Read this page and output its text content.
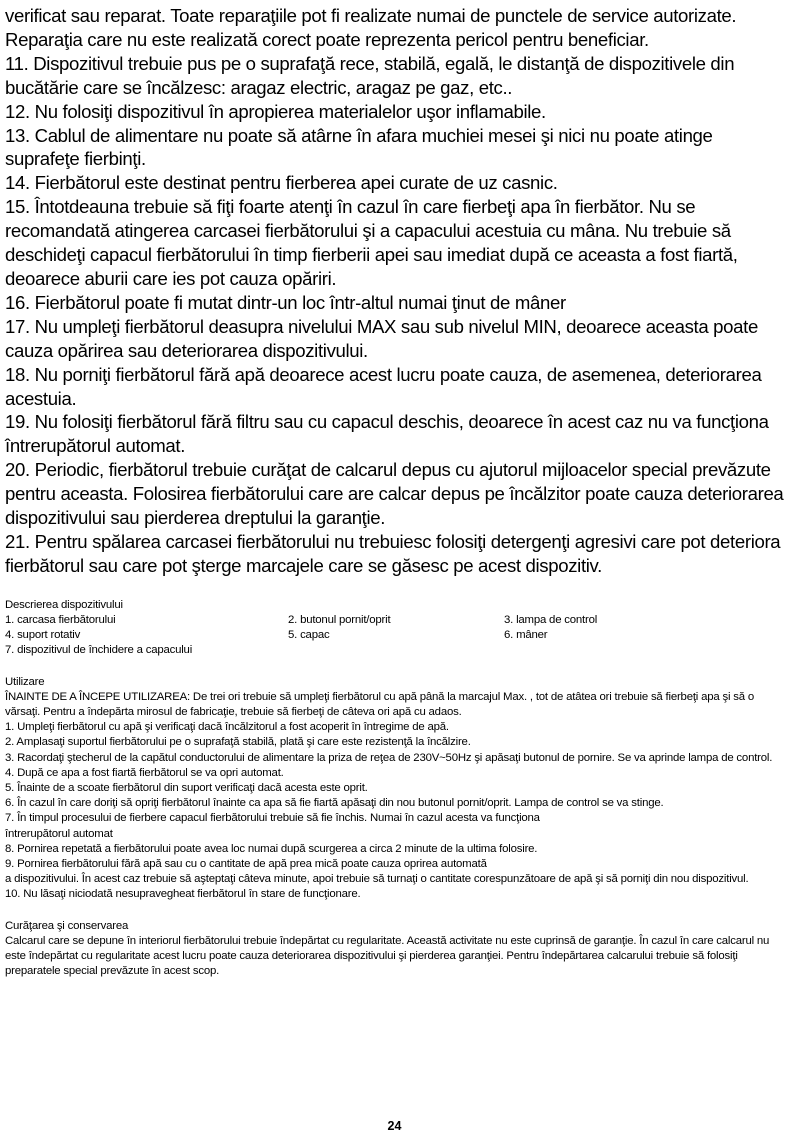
verificat sau reparat. Toate reparaţiile pot fi realizate numai de punctele de service autorizate. Reparaţia care nu este realizată corect poate reprezenta pericol pentru beneficiar.

11. Dispozitivul trebuie pus pe o suprafaţă rece, stabilă, egală, le distanţă de dispozitivele din bucătărie care se încălzesc: aragaz electric, aragaz pe gaz, etc..

12. Nu folosiţi dispozitivul în apropierea materialelor uşor inflamabile.

13. Cablul de alimentare nu poate să atârne în afara muchiei mesei şi nici nu poate atinge suprafeţe fierbinţi.

14. Fierbătorul este destinat pentru fierberea apei curate de uz casnic.

15. Întotdeauna trebuie să fiţi foarte atenţi în cazul în care fierbeţi apa în fierbător. Nu se recomandată atingerea carcasei fierbătorului şi a capacului acestuia cu mâna. Nu trebuie să deschideţi capacul fierbătorului în timp fierberii apei sau imediat după ce aceasta a fost fiartă, deoarece aburii care ies pot cauza opăriri.

16. Fierbătorul poate fi mutat dintr-un loc într-altul numai ţinut de mâner

17. Nu umpleţi fierbătorul deasupra nivelului MAX sau sub nivelul MIN, deoarece aceasta poate cauza opărirea sau deteriorarea dispozitivului.

18. Nu porniţi fierbătorul fără apă deoarece acest lucru poate cauza, de asemenea, deteriorarea acestuia.

19. Nu folosiţi fierbătorul fără filtru sau cu capacul deschis, deoarece în acest caz nu va funcţiona întrerupătorul automat.

20. Periodic, fierbătorul trebuie curăţat de calcarul depus cu ajutorul mijloacelor special prevăzute pentru aceasta. Folosirea fierbătorului care are calcar depus pe încălzitor poate cauza deteriorarea dispozitivului sau pierderea dreptului la garanţie.

21. Pentru spălarea carcasei fierbătorului nu trebuiesc folosiţi detergenţi agresivi care pot deteriora fierbătorul sau care pot şterge marcajele care se găsesc pe acest dispozitiv.

Descrierea dispozitivului

1. carcasa fierbătorului	2. butonul pornit/oprit	3. lampa de control
4. suport rotativ	5. capac	6. mâner
7. dispozitivul de închidere a capacului

Utilizare

ÎNAINTE DE A ÎNCEPE UTILIZAREA: De trei ori trebuie să umpleţi fierbătorul cu apă până la marcajul Max. , tot de atâtea ori trebuie să fierbeţi apa şi să o vărsaţi. Pentru a îndepărta mirosul de fabricaţie, trebuie să fierbeţi de câteva ori apă cu adaos.

1. Umpleţi fierbătorul cu apă şi verificaţi dacă încălzitorul a fost acoperit în întregime de apă.

2. Amplasaţi suportul fierbătorului pe o suprafaţă stabilă, plată şi care este rezistenţă la încălzire.

3. Racordaţi ştecherul de la capătul conductorului de alimentare la priza de reţea de 230V~50Hz şi apăsaţi butonul de pornire. Se va aprinde lampa de control.

4. După ce apa a fost fiartă fierbătorul se va opri automat.

5. Înainte de a scoate fierbătorul din suport verificaţi dacă acesta este oprit.

6. În cazul în care doriţi să opriţi fierbătorul înainte ca apa să fie fiartă apăsaţi din nou butonul pornit/oprit. Lampa de control se va stinge.

7. În timpul procesului de fierbere capacul fierbătorului trebuie să fie închis. Numai în cazul acesta va funcţiona

întrerupătorul automat

8. Pornirea repetată a fierbătorului poate avea loc numai după scurgerea a circa 2 minute de la ultima folosire.

9. Pornirea fierbătorului fără apă sau cu o cantitate de apă prea mică poate cauza oprirea automată

a dispozitivului. În acest caz trebuie să aşteptaţi câteva minute, apoi trebuie să turnaţi o cantitate corespunzătoare de apă şi să porniţi din nou dispozitivul.

10. Nu lăsaţi niciodată nesupravegheat fierbătorul în stare de funcţionare.

Curăţarea şi conservarea

Calcarul care se depune în interiorul fierbătorului trebuie îndepărtat cu regularitate. Această activitate nu este cuprinsă de garanţie. În cazul în care calcarul nu este îndepărtat cu regularitate acest lucru poate cauza deteriorarea dispozitivului şi pierderea garanţiei. Pentru îndepărtarea calcarului trebuie să folosiţi preparatele special prevăzute în acest scop.

24
